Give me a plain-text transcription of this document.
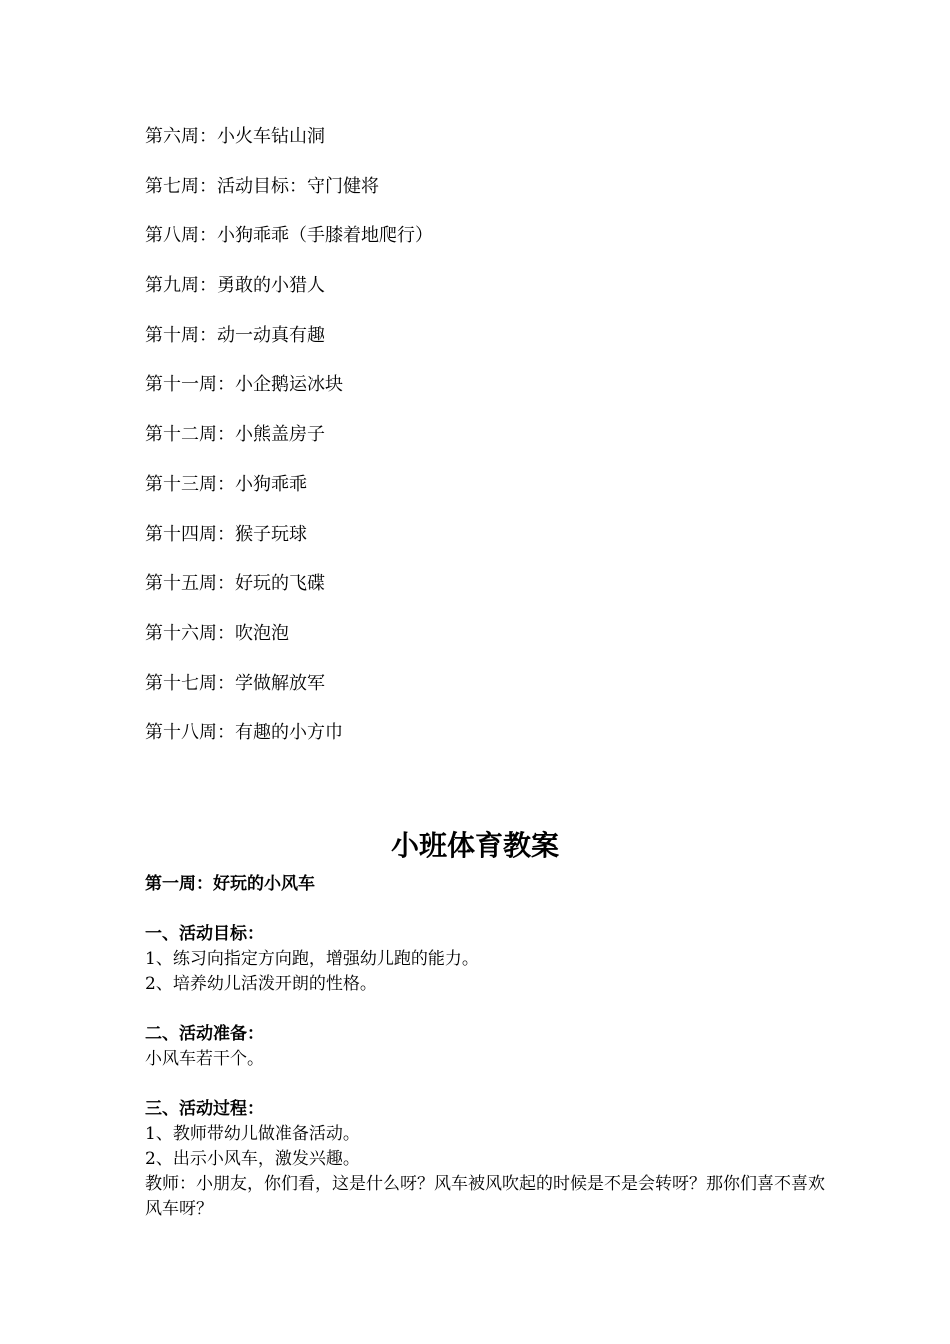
第六周：小火车钻山洞
第七周：活动目标：守门健将
第八周：小狗乖乖（手膝着地爬行）
第九周：勇敢的小猎人
第十周：动一动真有趣
第十一周：小企鹅运冰块
第十二周：小熊盖房子
第十三周：小狗乖乖
第十四周：猴子玩球
第十五周：好玩的飞碟
第十六周：吹泡泡
第十七周：学做解放军
第十八周：有趣的小方巾
小班体育教案

第一周：好玩的小风车

一、活动目标：

1、练习向指定方向跑，增强幼儿跑的能力。

2、培养幼儿活泼开朗的性格。

二、活动准备：

小风车若干个。

三、活动过程：

1、教师带幼儿做准备活动。

2、出示小风车，激发兴趣。

教师：小朋友，你们看，这是什么呀？风车被风吹起的时候是不是会转呀？那你们喜不喜欢风车呀？
